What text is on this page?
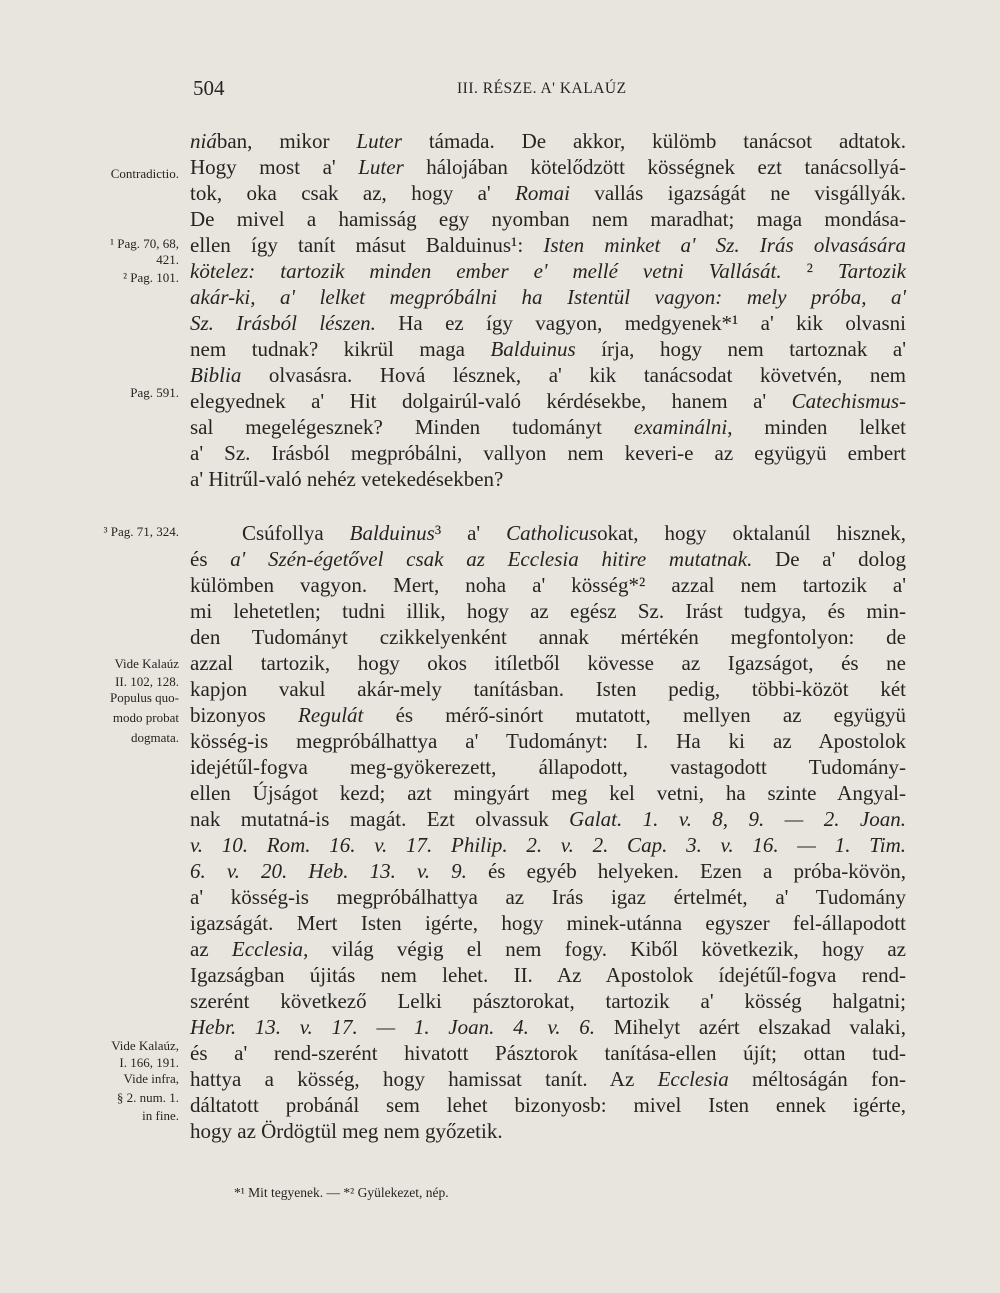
504	III. RÉSZE. A' KALAÚZ
niában, mikor Luter támada. De akkor, külömb tanácsot adtatok.
Hogy most a' Luter hálojában kötelődzött kösségnek ezt tanácsollyá-
tok, oka csak az, hogy a' Romai vallás igazságát ne visgállyák.
De mivel a hamisság egy nyomban nem maradhat; maga mondása-
ellen így tanít másut Balduinus¹: Isten minket a' Sz. Irás olvasására
kötelez: tartozik minden ember e' mellé vetni Vallását. ² Tartozik
akár-ki, a' lelket megpróbálni ha Istentül vagyon: mely próba, a'
Sz. Irásból lészen. Ha ez így vagyon, medgyenek*¹ a' kik olvasni
nem tudnak? kikrül maga Balduinus írja, hogy nem tartoznak a'
Biblia olvasásra. Hová lésznek, a' kik tanácsodat követvén, nem
elegyednek a' Hit dolgairúl-való kérdésekbe, hanem a' Catechismus-
sal megelégesznek? Minden tudományt examinálni, minden lelket
a' Sz. Irásból megpróbálni, vallyon nem keveri-e az együgyü embert
a' Hitrűl-való nehéz vetekedésekben?
Csúfollya Balduinus³ a' Catholicusokat, hogy oktalanúl hisznek,
és a' Szén-égetővel csak az Ecclesia hitire mutatnak. De a' dolog
külömben vagyon. Mert, noha a' kösség*² azzal nem tartozik a'
mi lehetetlen; tudni illik, hogy az egész Sz. Irást tudgya, és min-
den Tudományt czikkelyenként annak mértékén megfontolyon: de
azzal tartozik, hogy okos itíletből kövesse az Igazságot, és ne
kapjon vakul akár-mely tanításban. Isten pedig, többi-közöt két
bizonyos Regulát és mérő-sinórt mutatott, mellyen az együgyü
kösség-is megpróbálhattya a' Tudományt: I. Ha ki az Apostolok
idejétűl-fogva meg-gyökerezett, állapodott, vastagodott Tudomány-
ellen Újságot kezd; azt mingyárt meg kel vetni, ha szinte Angyal-
nak mutatná-is magát. Ezt olvassuk Galat. 1. v. 8, 9. — 2. Joan.
v. 10. Rom. 16. v. 17. Philip. 2. v. 2. Cap. 3. v. 16. — 1. Tim.
6. v. 20. Heb. 13. v. 9. és egyéb helyeken. Ezen a próba-kövön,
a' kösség-is megpróbálhattya az Irás igaz értelmét, a' Tudomány
igazságát. Mert Isten igérte, hogy minek-utánna egyszer fel-állapodott
az Ecclesia, világ végig el nem fogy. Kiből következik, hogy az
Igazságban újitás nem lehet. II. Az Apostolok ídejétűl-fogva rend-
szerént következő Lelki pásztorokat, tartozik a' kösség halgatni;
Hebr. 13. v. 17. — 1. Joan. 4. v. 6. Mihelyt azért elszakad valaki,
és a' rend-szerént hivatott Pásztorok tanítása-ellen újít; ottan tud-
hattya a kösség, hogy hamissat tanít. Az Ecclesia méltoságán fon-
dáltatott probánál sem lehet bizonyosb: mivel Isten ennek igérte,
hogy az Ördögtül meg nem győzetik.
Contradictio.
¹ Pag. 70, 68,
421.
² Pag. 101.
Pag. 591.
³ Pag. 71, 324.
Vide Kalaúz
II. 102, 128.
Populus quo-
modo probat
dogmata.
Vide Kalaúz,
I. 166, 191.
Vide infra,
§ 2. num. 1.
in fine.
*¹ Mit tegyenek. — *² Gyülekezet, nép.
